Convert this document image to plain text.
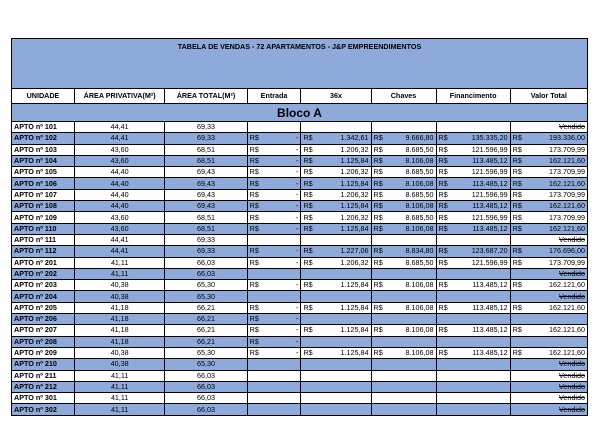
TABELA DE VENDAS - 72 APARTAMENTOS - J&P EMPREENDIMENTOS												
UNIDADE	ÁREA PRIVATIVA(M²)	ÁREA TOTAL(M²)	Entrada		36x		Chaves		Financimento		Valor Total	
Bloco A												
APTO nº 101	44,41	69,33									Vendido	
APTO nº 102	44,41	69,33	R$	-	R$	1.342,61	R$	9.666,80	R$	135.335,20	R$	193.336,00
APTO nº 103	43,60	68,51	R$	-	R$	1.206,32	R$	8.685,50	R$	121.596,99	R$	173.709,99
APTO nº 104	43,60	68,51	R$	-	R$	1.125,84	R$	8.106,08	R$	113.485,12	R$	162.121,60
APTO nº 105	44,40	69,43	R$	-	R$	1.206,32	R$	8.685,50	R$	121.596,99	R$	173.709,99
APTO nº 106	44,40	69,43	R$	-	R$	1.125,84	R$	8.106,08	R$	113.485,12	R$	162.121,60
APTO nº 107	44,40	69,43	R$	-	R$	1.206,32	R$	8.685,50	R$	121.596,99	R$	173.709,99
APTO nº 108	44,40	69,43	R$	-	R$	1.125,84	R$	8.106,08	R$	113.485,12	R$	162.121,60
APTO nº 109	43,60	68,51	R$	-	R$	1.206,32	R$	8.685,50	R$	121.596,99	R$	173.709,99
APTO nº 110	43,60	68,51	R$	-	R$	1.125,84	R$	8.106,08	R$	113.485,12	R$	162.121,60
APTO nº 111	44,41	69,33									Vendido	
APTO nº 112	44,41	69,33	R$	-	R$	1.227,06	R$	8.834,80	R$	123.687,20	R$	176.696,00
APTO nº 201	41,11	66,03	R$	-	R$	1.206,32	R$	8.685,50	R$	121.596,99	R$	173.709,99
APTO nº 202	41,11	66,03									Vendido	
APTO nº 203	40,38	65,30	R$	-	R$	1.125,84	R$	8.106,08	R$	113.485,12	R$	162.121,60
APTO nº 204	40,38	65,30									Vendido	
APTO nº 205	41,18	66,21	R$	-	R$	1.125,84	R$	8.106,08	R$	113.485,12	R$	162.121,60
APTO nº 206	41,18	66,21	R$	-								
APTO nº 207	41,18	66,21	R$	-	R$	1.125,84	R$	8.106,08	R$	113.485,12	R$	162.121,60
APTO nº 208	41,18	66,21	R$	-								
APTO nº 209	40,38	65,30	R$	-	R$	1.125,84	R$	8.106,08	R$	113.485,12	R$	162.121,60
APTO nº 210	40,38	65,30									Vendido	
APTO nº 211	41,11	66,03									Vendido	
APTO nº 212	41,11	66,03									Vendido	
APTO nº 301	41,11	66,03									Vendido	
APTO nº 302	41,11	66,03									Vendido	
